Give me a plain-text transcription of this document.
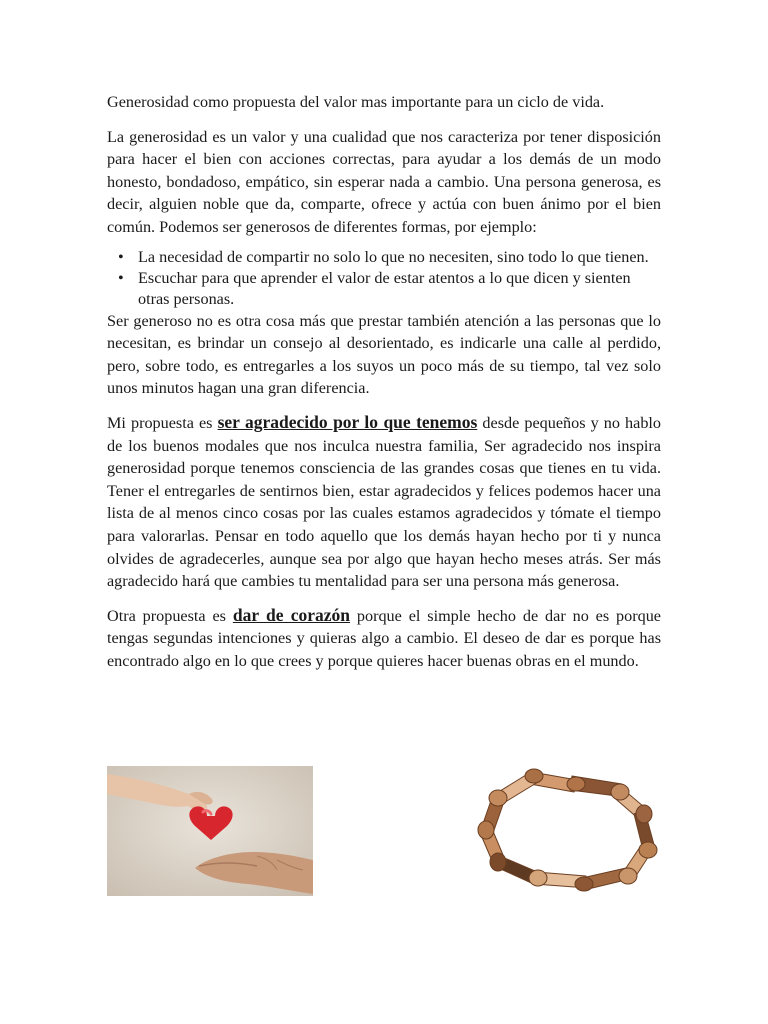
Generosidad como propuesta del valor mas importante para un ciclo de vida.

La generosidad es un valor y una cualidad que nos caracteriza por tener disposición para hacer el bien con acciones correctas, para ayudar a los demás de un modo honesto, bondadoso, empático, sin esperar nada a cambio. Una persona generosa, es decir, alguien noble que da, comparte, ofrece y actúa con buen ánimo por el bien común. Podemos ser generosos de diferentes formas, por ejemplo:

• La necesidad de compartir no solo lo que no necesiten, sino todo lo que tienen.
• Escuchar para que aprender el valor de estar atentos a lo que dicen y sienten otras personas.

Ser generoso no es otra cosa más que prestar también atención a las personas que lo necesitan, es brindar un consejo al desorientado, es indicarle una calle al perdido, pero, sobre todo, es entregarles a los suyos un poco más de su tiempo, tal vez solo unos minutos hagan una gran diferencia.

Mi propuesta es ser agradecido por lo que tenemos desde pequeños y no hablo de los buenos modales que nos inculca nuestra familia, Ser agradecido nos inspira generosidad porque tenemos consciencia de las grandes cosas que tienes en tu vida. Tener el entregarles de sentirnos bien, estar agradecidos y felices podemos hacer una lista de al menos cinco cosas por las cuales estamos agradecidos y tómate el tiempo para valorarlas. Pensar en todo aquello que los demás hayan hecho por ti y nunca olvides de agradecerles, aunque sea por algo que hayan hecho meses atrás. Ser más agradecido hará que cambies tu mentalidad para ser una persona más generosa.

Otra propuesta es dar de corazón porque el simple hecho de dar no es porque tengas segundas intenciones y quieras algo a cambio. El deseo de dar es porque has encontrado algo en lo que crees y porque quieres hacer buenas obras en el mundo.
